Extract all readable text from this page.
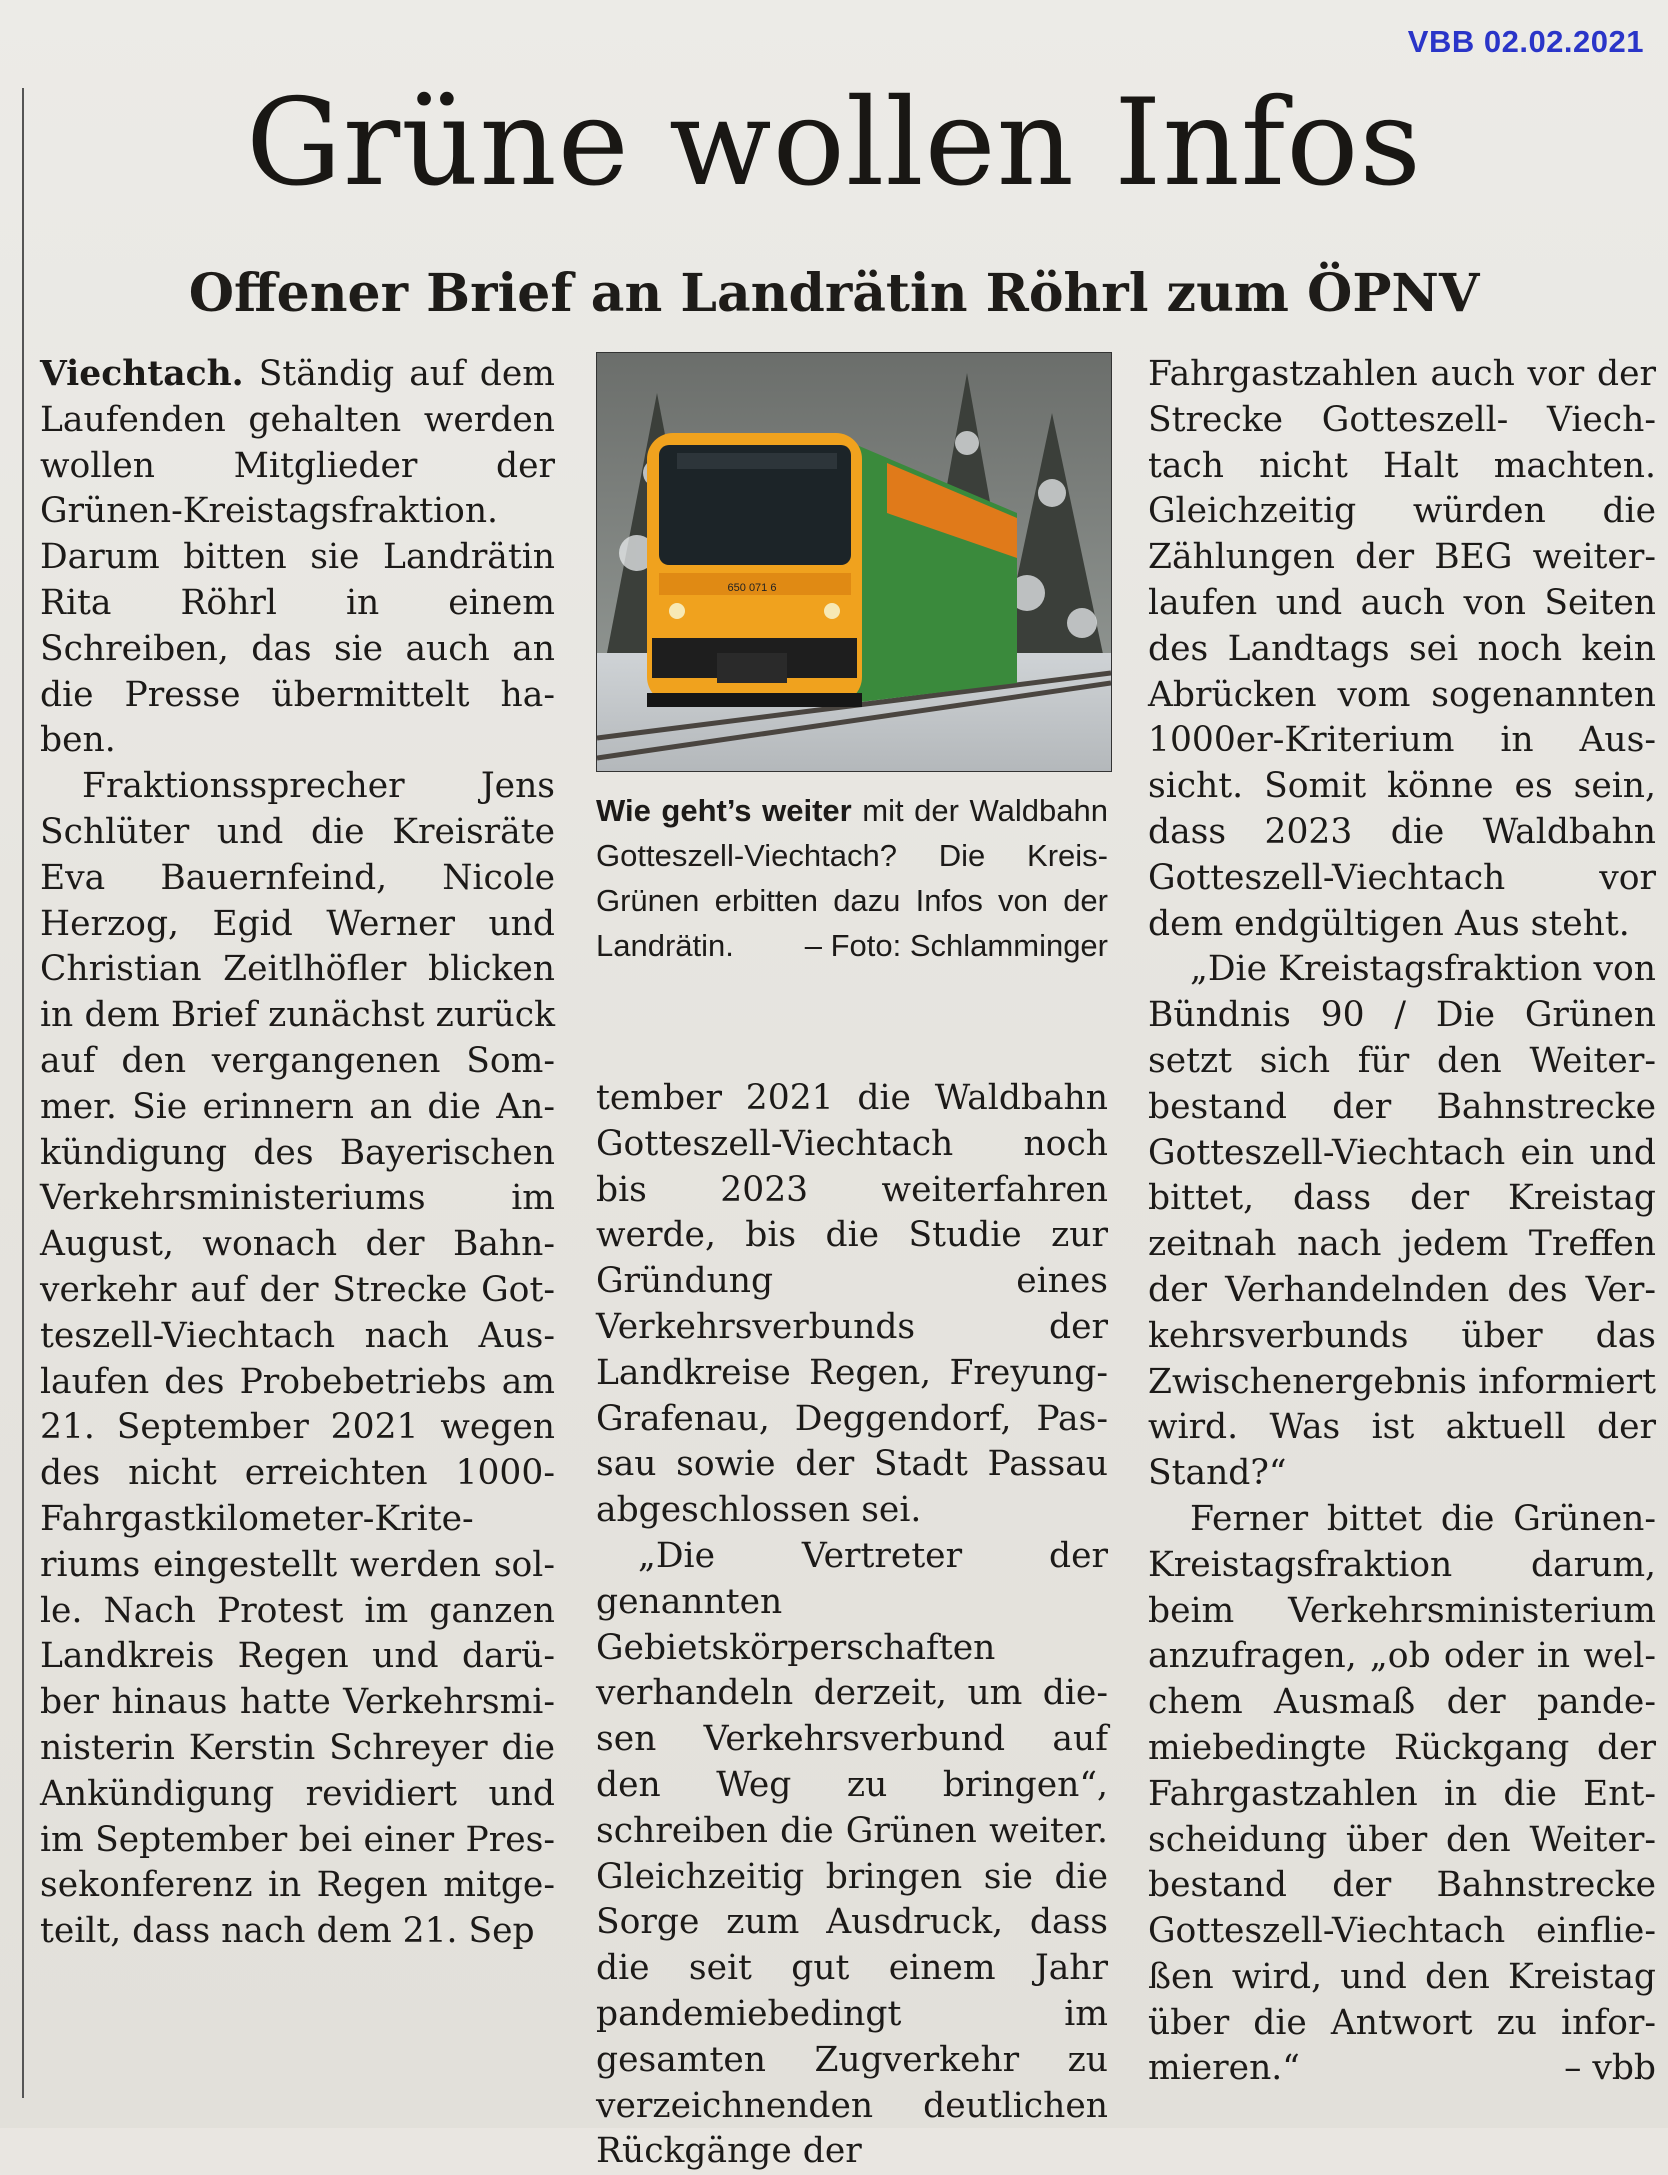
VBB 02.02.2021
Grüne wollen Infos
Offener Brief an Landrätin Röhrl zum ÖPNV

Viechtach. Ständig auf dem Laufenden gehalten werden wollen Mitglieder der Grünen-Kreistagsfraktion. Darum bitten sie Landrätin Rita Röhrl in einem Schreiben, das sie auch an die Presse übermittelt haben.

Fraktionssprecher Jens Schlüter und die Kreisräte Eva Bauernfeind, Nicole Herzog, Egid Werner und Christian Zeitlhöfler blicken in dem Brief zunächst zurück auf den vergangenen Sommer. Sie erinnern an die Ankündigung des Bayerischen Verkehrsministeriums im August, wonach der Bahnverkehr auf der Strecke Gotteszell-Viechtach nach Auslaufen des Probebetriebs am 21. September 2021 wegen des nicht erreichten 1000-Fahrgastkilometer-Kriteriums eingestellt werden solle. Nach Protest im ganzen Landkreis Regen und darüber hinaus hatte Verkehrsministerin Kerstin Schreyer die Ankündigung revidiert und im September bei einer Pressekonferenz in Regen mitgeteilt, dass nach dem 21. Sep

650 071 6
Wie geht’s weiter mit der Waldbahn Gotteszell-Viechtach? Die Kreis-Grünen erbitten dazu Infos von der Landrätin. – Foto: Schlamminger

tember 2021 die Waldbahn Gotteszell-Viechtach noch bis 2023 weiterfahren werde, bis die Studie zur Gründung eines Verkehrsverbunds der Landkreise Regen, Freyung-Grafenau, Deggendorf, Passau sowie der Stadt Passau abgeschlossen sei.

„Die Vertreter der genannten Gebietskörperschaften verhandeln derzeit, um diesen Verkehrsverbund auf den Weg zu bringen“, schreiben die Grünen weiter. Gleichzeitig bringen sie die Sorge zum Ausdruck, dass die seit gut einem Jahr pandemiebedingt im gesamten Zugverkehr zu verzeichnenden deutlichen Rückgänge der

Fahrgastzahlen auch vor der Strecke Gotteszell- Viechtach nicht Halt machten. Gleichzeitig würden die Zählungen der BEG weiterlaufen und auch von Seiten des Landtags sei noch kein Abrücken vom sogenannten 1000er-Kriterium in Aussicht. Somit könne es sein, dass 2023 die Waldbahn Gotteszell-Viechtach vor dem endgültigen Aus steht.

„Die Kreistagsfraktion von Bündnis 90 / Die Grünen setzt sich für den Weiterbestand der Bahnstrecke Gotteszell-Viechtach ein und bittet, dass der Kreistag zeitnah nach jedem Treffen der Verhandelnden des Verkehrsverbunds über das Zwischenergebnis informiert wird. Was ist aktuell der Stand?“

Ferner bittet die Grünen-Kreistagsfraktion darum, beim Verkehrsministerium anzufragen, „ob oder in welchem Ausmaß der pandemiebedingte Rückgang der Fahrgastzahlen in die Entscheidung über den Weiterbestand der Bahnstrecke Gotteszell-Viechtach einfließen wird, und den Kreistag über die Antwort zu informieren.“	– vbb
